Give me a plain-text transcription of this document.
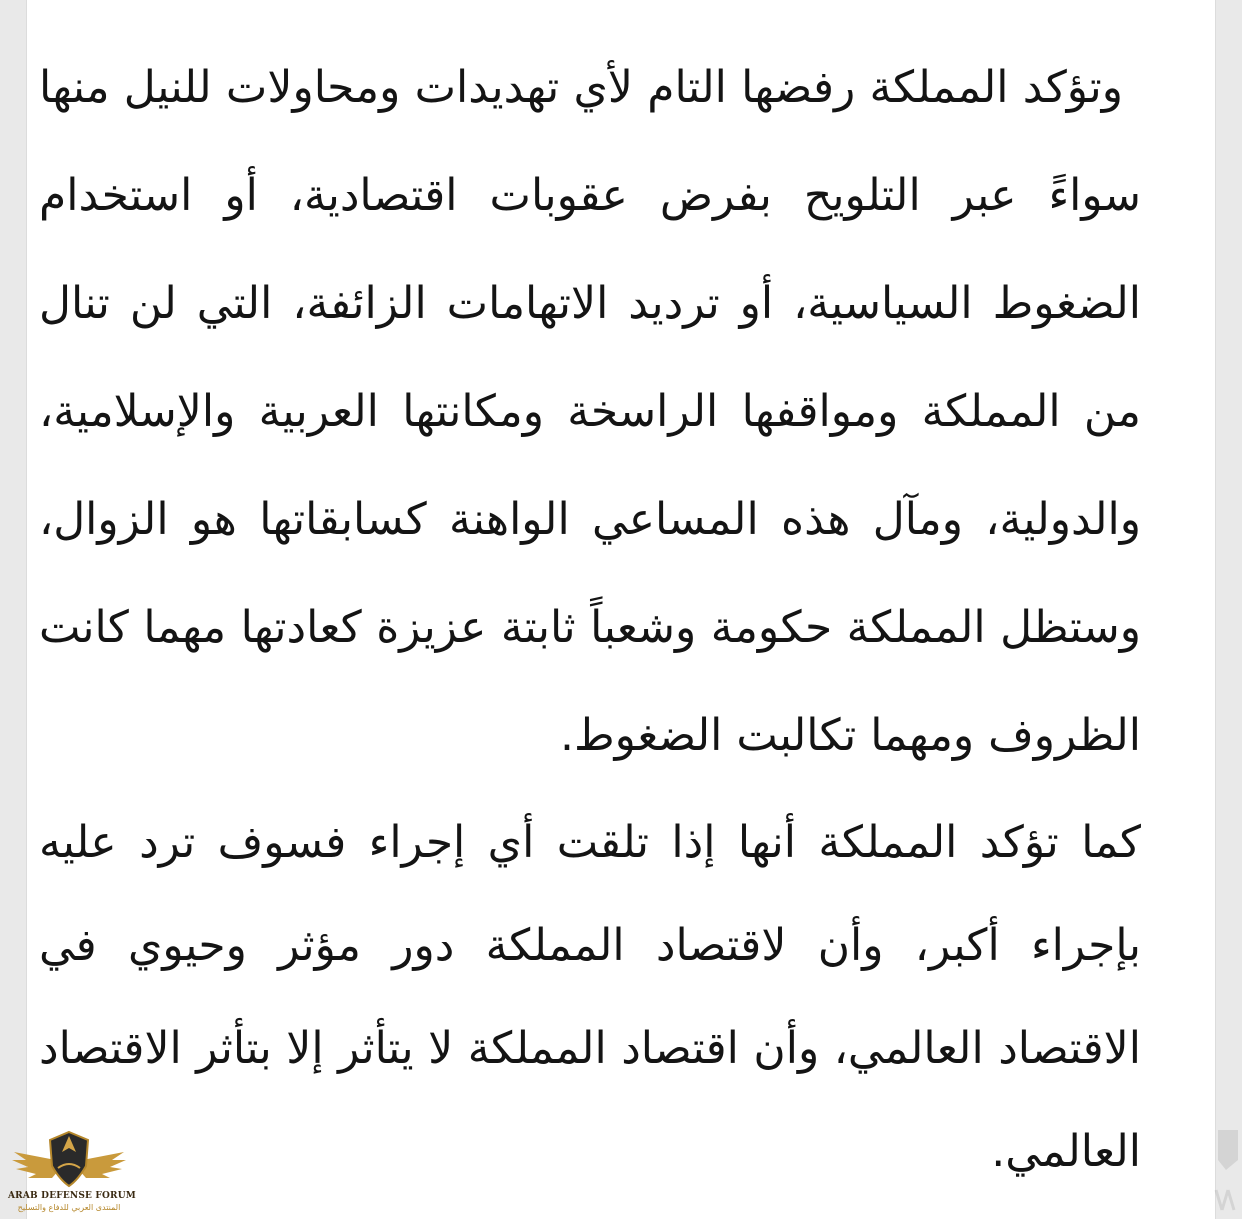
وتؤكد المملكة رفضها التام لأي تهديدات ومحاولات للنيل منها سواءً عبر التلويح بفرض عقوبات اقتصادية، أو استخدام الضغوط السياسية، أو ترديد الاتهامات الزائفة، التي لن تنال من المملكة ومواقفها الراسخة ومكانتها العربية والإسلامية، والدولية، ومآل هذه المساعي الواهنة كسابقاتها هو الزوال، وستظل المملكة حكومة وشعباً ثابتة عزيزة كعادتها مهما كانت الظروف ومهما تكالبت الضغوط.

كما تؤكد المملكة أنها إذا تلقت أي إجراء فسوف ترد عليه بإجراء أكبر، وأن لاقتصاد المملكة دور مؤثر وحيوي في الاقتصاد العالمي، وأن اقتصاد المملكة لا يتأثر إلا بتأثر الاقتصاد العالمي.

ARAB DEFENSE FORUM
المنتدى العربي للدفاع والتسليح
